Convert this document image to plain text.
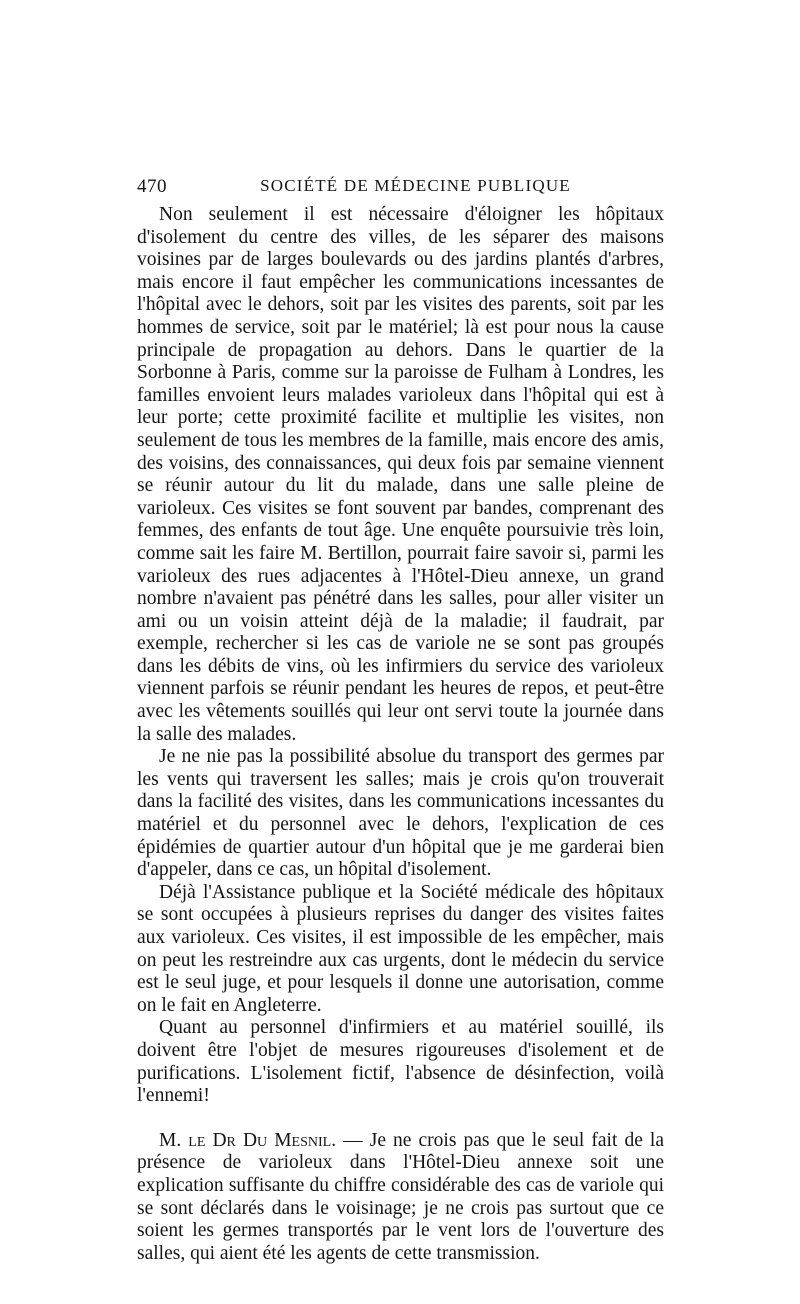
470	SOCIÉTÉ DE MÉDECINE PUBLIQUE

Non seulement il est nécessaire d'éloigner les hôpitaux d'isolement du centre des villes, de les séparer des maisons voisines par de larges boulevards ou des jardins plantés d'arbres, mais encore il faut empêcher les communications incessantes de l'hôpital avec le dehors, soit par les visites des parents, soit par les hommes de service, soit par le matériel; là est pour nous la cause principale de propagation au dehors. Dans le quartier de la Sorbonne à Paris, comme sur la paroisse de Fulham à Londres, les familles envoient leurs malades varioleux dans l'hôpital qui est à leur porte; cette proximité facilite et multiplie les visites, non seulement de tous les membres de la famille, mais encore des amis, des voisins, des connaissances, qui deux fois par semaine viennent se réunir autour du lit du malade, dans une salle pleine de varioleux. Ces visites se font souvent par bandes, comprenant des femmes, des enfants de tout âge. Une enquête poursuivie très loin, comme sait les faire M. Bertillon, pourrait faire savoir si, parmi les varioleux des rues adjacentes à l'Hôtel-Dieu annexe, un grand nombre n'avaient pas pénétré dans les salles, pour aller visiter un ami ou un voisin atteint déjà de la maladie; il faudrait, par exemple, rechercher si les cas de variole ne se sont pas groupés dans les débits de vins, où les infirmiers du service des varioleux viennent parfois se réunir pendant les heures de repos, et peut-être avec les vêtements souillés qui leur ont servi toute la journée dans la salle des malades.

Je ne nie pas la possibilité absolue du transport des germes par les vents qui traversent les salles; mais je crois qu'on trouverait dans la facilité des visites, dans les communications incessantes du matériel et du personnel avec le dehors, l'explication de ces épidémies de quartier autour d'un hôpital que je me garderai bien d'appeler, dans ce cas, un hôpital d'isolement.

Déjà l'Assistance publique et la Société médicale des hôpitaux se sont occupées à plusieurs reprises du danger des visites faites aux varioleux. Ces visites, il est impossible de les empêcher, mais on peut les restreindre aux cas urgents, dont le médecin du service est le seul juge, et pour lesquels il donne une autorisation, comme on le fait en Angleterre.

Quant au personnel d'infirmiers et au matériel souillé, ils doivent être l'objet de mesures rigoureuses d'isolement et de purifications. L'isolement fictif, l'absence de désinfection, voilà l'ennemi!

M. le Dr Du Mesnil. — Je ne crois pas que le seul fait de la présence de varioleux dans l'Hôtel-Dieu annexe soit une explication suffisante du chiffre considérable des cas de variole qui se sont déclarés dans le voisinage; je ne crois pas surtout que ce soient les germes transportés par le vent lors de l'ouverture des salles, qui aient été les agents de cette transmission.
